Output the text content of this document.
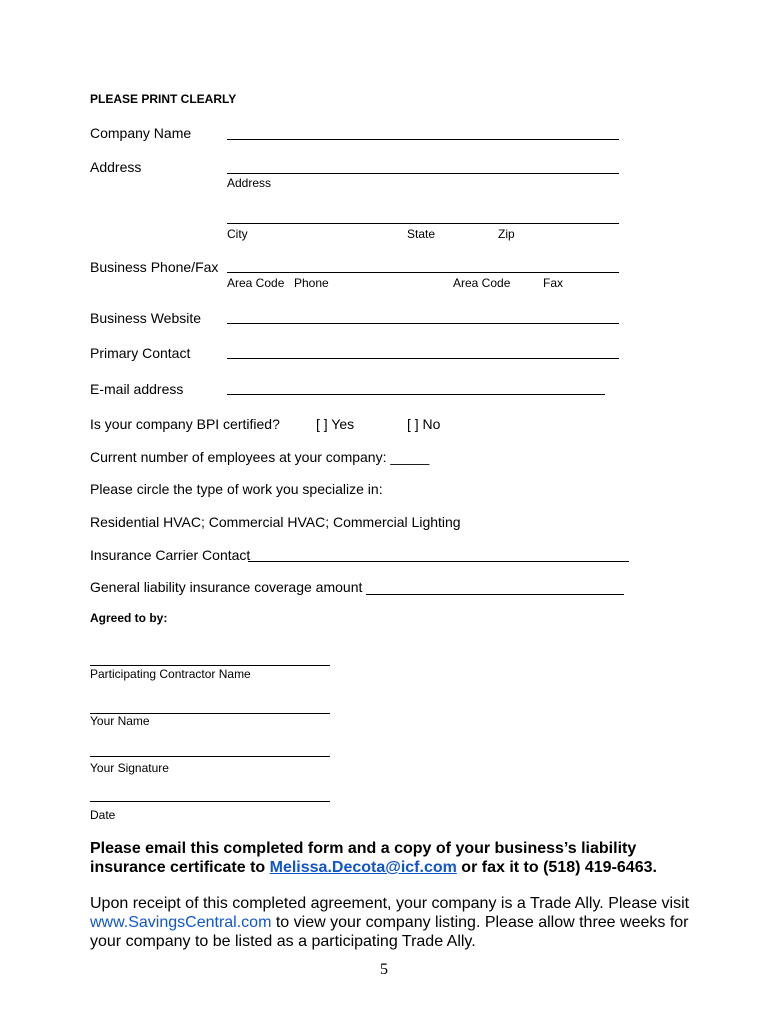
PLEASE PRINT CLEARLY
Company Name
Address
Address
City	State	Zip
Business Phone/Fax
Area Code Phone	Area Code	Fax
Business Website
Primary Contact
E-mail address
Is your company BPI certified?	[ ] Yes	[ ] No
Current number of employees at your company: _____
Please circle the type of work you specialize in:
Residential HVAC; Commercial HVAC; Commercial Lighting
Insurance Carrier Contact
General liability insurance coverage amount
Agreed to by:
Participating Contractor Name
Your Name
Your Signature
Date
Please email this completed form and a copy of your business’s liability insurance certificate to Melissa.Decota@icf.com or fax it to (518) 419-6463.
Upon receipt of this completed agreement, your company is a Trade Ally. Please visit www.SavingsCentral.com to view your company listing. Please allow three weeks for your company to be listed as a participating Trade Ally.
5
